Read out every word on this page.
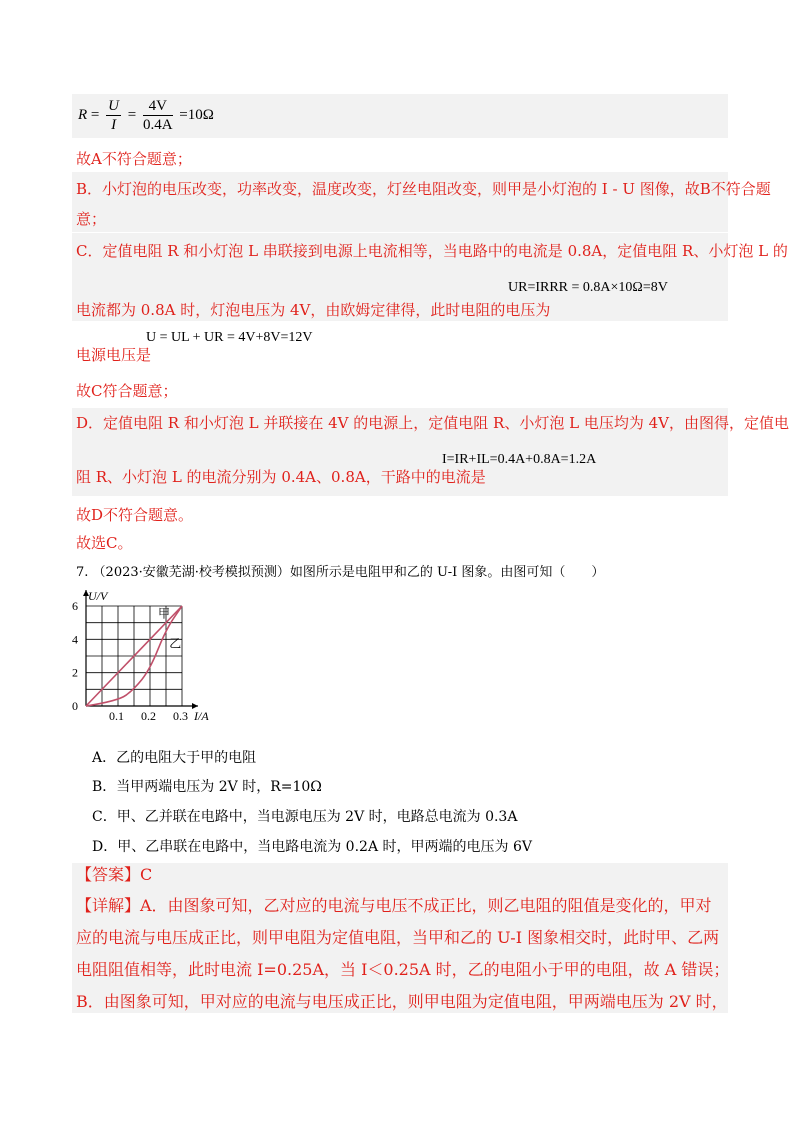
$R = \frac{U}{I} = \frac{4V}{0.4A} =10\Omega$
故A不符合题意；
B．小灯泡的电压改变，功率改变，温度改变，灯丝电阻改变，则甲是小灯泡的 I - U 图像，故B不符合题
意；
C．定值电阻 R 和小灯泡 L 串联接到电源上电流相等，当电路中的电流是 0.8A，定值电阻 R、小灯泡 L 的
电流都为 0.8A 时，灯泡电压为 4V，由欧姆定律得，此时电阻的电压为
UR=IRRR = 0.8A×10Ω=8V
U = UL + UR = 4V+8V=12V
电源电压是
故C符合题意；
D．定值电阻 R 和小灯泡 L 并联接在 4V 的电源上，定值电阻 R、小灯泡 L 电压均为 4V，由图得，定值电
阻 R、小灯泡 L 的电流分别为 0.4A、0.8A，干路中的电流是
I=IR+IL=0.4A+0.8A=1.2A
故D不符合题意。
故选C。
7. （2023·安徽芜湖·校考模拟预测）如图所示是电阻甲和乙的 U-I 图象。由图可知（　　）
U/V
I/A
0
2
4
6
0.1 0.2 0.3
甲
乙
A．乙的电阻大于甲的电阻
B．当甲两端电压为 2V 时，R=10Ω
C．甲、乙并联在电路中，当电源电压为 2V 时，电路总电流为 0.3A
D．甲、乙串联在电路中，当电路电流为 0.2A 时，甲两端的电压为 6V
【答案】C
【详解】A．由图象可知，乙对应的电流与电压不成正比，则乙电阻的阻值是变化的，甲对
应的电流与电压成正比，则甲电阻为定值电阻，当甲和乙的 U-I 图象相交时，此时甲、乙两
电阻阻值相等，此时电流 I=0.25A，当 I＜0.25A 时，乙的电阻小于甲的电阻，故 A 错误；
B．由图象可知，甲对应的电流与电压成正比，则甲电阻为定值电阻，甲两端电压为 2V 时，
